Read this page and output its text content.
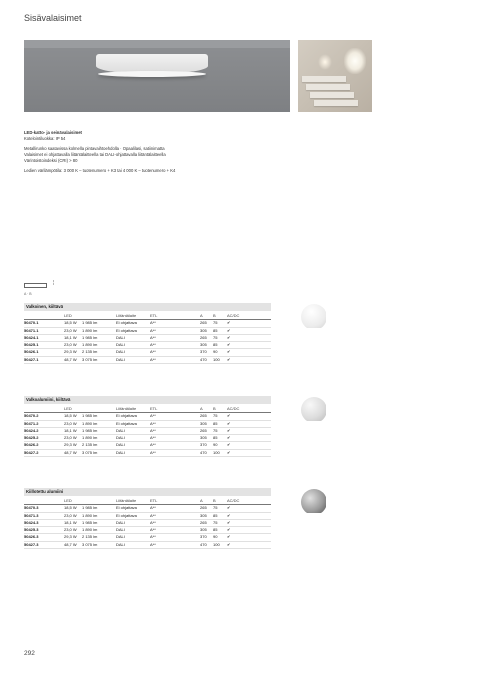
Sisävalaisimet

LED-katto- ja seinävalaisimet

Kotelointiluokka: IP 54

Metallirunko saatavissa kolmella pintavaihtoehdolla · Opaalilasi, satiinimatta

Valaisimet ei ohjattavalla liitäntälaitteella tai DALI-ohjattavalla liitäntälaitteella

Värintoistoindeksi (CRI) > 80

Ledien värilämpötila: 3 000 K – tuotenumero + K3 tai 4 000 K – tuotenumero + K4

¦
A · B
Valkoinen, kiiltävä
		LED		Liitäntälaite	ETL	A	B	AC/DC
50470.1		18,5 W	1 985 lm	Ei ohjattava	A**	265	75	✔
50471.1		23,0 W	1 890 lm	Ei ohjattava	A**	305	85	✔
50424.1		18,1 W	1 985 lm	DALI	A**	265	75	✔
50425.1		23,0 W	1 890 lm	DALI	A**	305	85	✔
50426.1		29,3 W	2 135 lm	DALI	A**	370	90	✔
50427.1		48,7 W	3 075 lm	DALI	A**	470	100	✔
Valkoalumiini, kiiltävä
		LED		Liitäntälaite	ETL	A	B	AC/DC
50470.2		18,5 W	1 985 lm	Ei ohjattava	A**	265	75	✔
50471.2		23,0 W	1 890 lm	Ei ohjattava	A**	305	85	✔
50424.2		18,1 W	1 985 lm	DALI	A**	265	75	✔
50425.2		23,0 W	1 890 lm	DALI	A**	305	85	✔
50426.2		29,3 W	2 135 lm	DALI	A**	370	90	✔
50427.2		48,7 W	3 075 lm	DALI	A**	470	100	✔
Kiillotettu alumiini
		LED		Liitäntälaite	ETL	A	B	AC/DC
50470.3		18,5 W	1 985 lm	Ei ohjattava	A**	265	75	✔
50471.3		23,0 W	1 890 lm	Ei ohjattava	A**	305	85	✔
50424.3		18,1 W	1 985 lm	DALI	A**	265	75	✔
50425.3		23,0 W	1 890 lm	DALI	A**	305	85	✔
50426.3		29,3 W	2 135 lm	DALI	A**	370	90	✔
50427.3		48,7 W	3 075 lm	DALI	A**	470	100	✔
292
